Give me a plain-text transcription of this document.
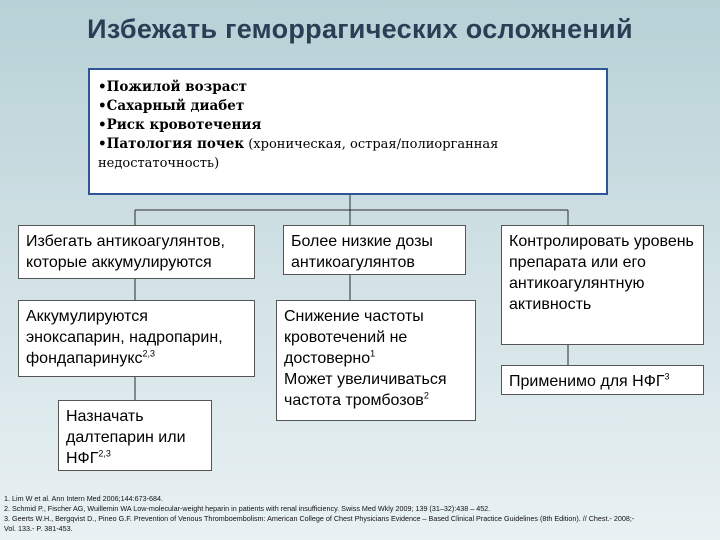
Избежать геморрагических осложнений
•Пожилой возраст
•Сахарный диабет
•Риск кровотечения
•Патология почек (хроническая, острая/полиорганная
недостаточность)
Избегать антикоагулянтов, которые аккумулируются
Аккумулируются эноксапарин, надропарин, фондапаринукс$^{2,3}$
Назначать далтепарин или НФГ$^{2,3}$
Более низкие дозы антикоагулянтов
Снижение частоты кровотечений не достоверно$^1$
Может увеличиваться частота тромбозов$^2$
Контролировать уровень препарата или его антикоагулянтную активность
Применимо для НФГ$^3$
1. Lim W et al. Ann Intern Med 2006;144:673-684.
2. Schmid P., Fischer AG, Wuillemin WA Low-molecular-weight heparin in patients with renal insufficiency. Swiss Med Wkly 2009; 139 (31–32):438 – 452.
3. Geerts W.H., Bergqvist D., Pineo G.F. Prevention of Venous Thromboembolism: American College of Chest Physicians Evidence – Based Clinical Practice Guidelines (8th Edition). // Chest.- 2008;-
Vol. 133.- P. 381-453.
